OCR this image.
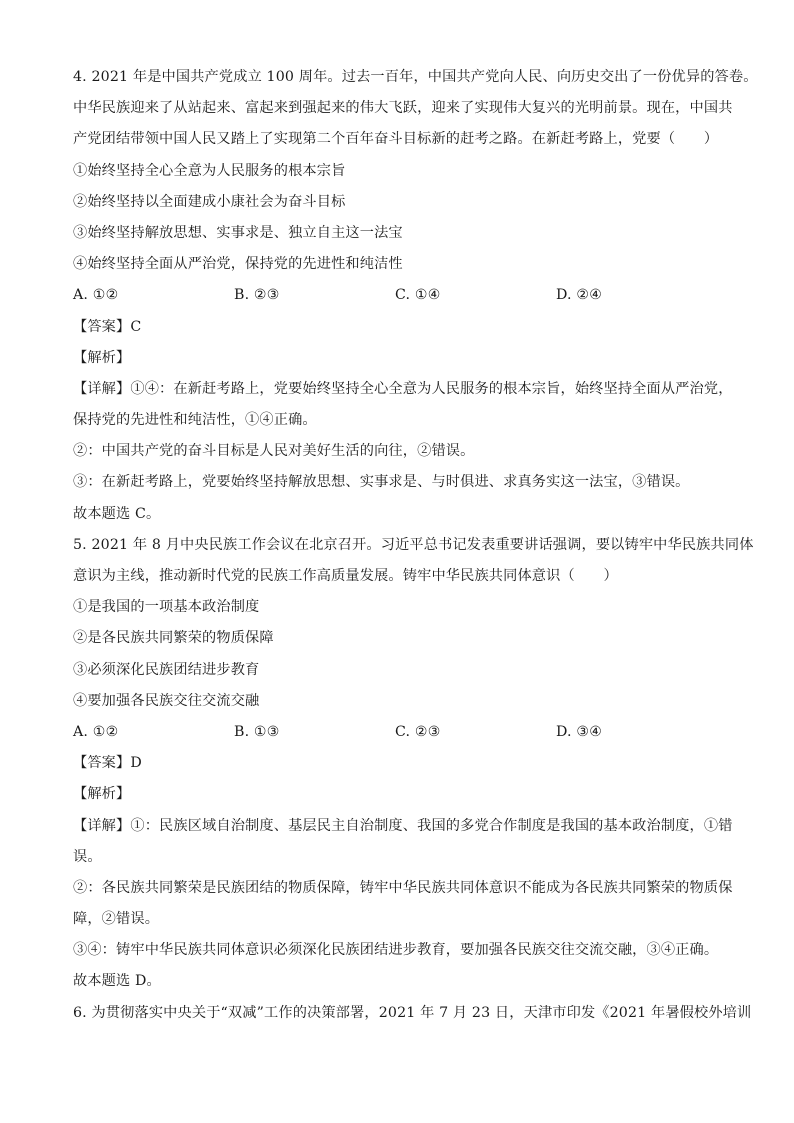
4. 2021 年是中国共产党成立 100 周年。过去一百年，中国共产党向人民、向历史交出了一份优异的答卷。
中华民族迎来了从站起来、富起来到强起来的伟大飞跃，迎来了实现伟大复兴的光明前景。现在，中国共
产党团结带领中国人民又踏上了实现第二个百年奋斗目标新的赶考之路。在新赶考路上，党要（　　）
①始终坚持全心全意为人民服务的根本宗旨
②始终坚持以全面建成小康社会为奋斗目标
③始终坚持解放思想、实事求是、独立自主这一法宝
④始终坚持全面从严治党，保持党的先进性和纯洁性
A. ①②	B. ②③	C. ①④	D. ②④
【答案】C
【解析】
【详解】①④：在新赶考路上，党要始终坚持全心全意为人民服务的根本宗旨，始终坚持全面从严治党，
保持党的先进性和纯洁性，①④正确。
②：中国共产党的奋斗目标是人民对美好生活的向往，②错误。
③：在新赶考路上，党要始终坚持解放思想、实事求是、与时俱进、求真务实这一法宝，③错误。
故本题选 C。
5. 2021 年 8 月中央民族工作会议在北京召开。习近平总书记发表重要讲话强调，要以铸牢中华民族共同体
意识为主线，推动新时代党的民族工作高质量发展。铸牢中华民族共同体意识（　　）
①是我国的一项基本政治制度
②是各民族共同繁荣的物质保障
③必须深化民族团结进步教育
④要加强各民族交往交流交融
A. ①②	B. ①③	C. ②③	D. ③④
【答案】D
【解析】
【详解】①：民族区域自治制度、基层民主自治制度、我国的多党合作制度是我国的基本政治制度，①错
误。
②：各民族共同繁荣是民族团结的物质保障，铸牢中华民族共同体意识不能成为各民族共同繁荣的物质保
障，②错误。
③④：铸牢中华民族共同体意识必须深化民族团结进步教育，要加强各民族交往交流交融，③④正确。
故本题选 D。
6. 为贯彻落实中央关于“双减”工作的决策部署，2021 年 7 月 23 日，天津市印发《2021 年暑假校外培训
